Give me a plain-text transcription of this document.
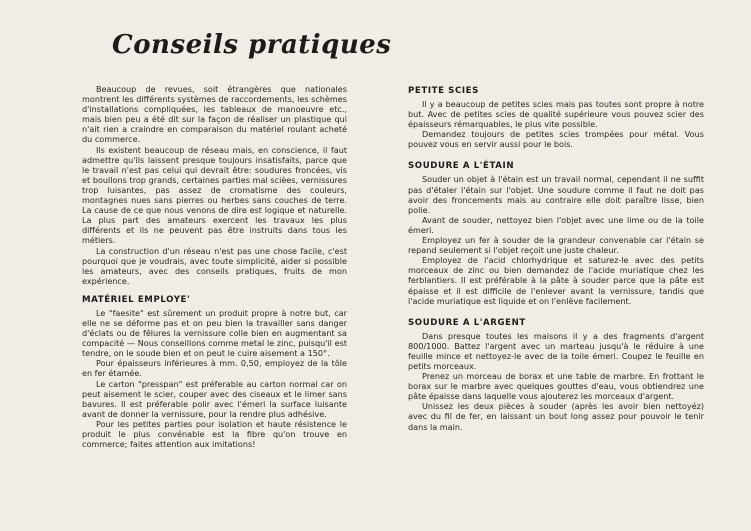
Conseils pratiques

Beaucoup de revues, soit étrangères que nationales montrent les différents systèmes de raccordements, les schèmes d'installations compliquées, les tableaux de manoeuvre etc., mais bien peu a été dit sur la façon de réaliser un plastique qui n'ait rien a craindre en comparaison du matériel roulant acheté du commerce.

Ils existent beaucoup de réseau mais, en conscience, il faut admettre qu'ils laissent presque toujours insatisfaits, parce que le travail n'est pas celui qui devrait être: soudures froncées, vis et boullons trop grands, certaines parties mal scièes, vernissures trop luisantes, pas assez de cromatisme des couleurs, montagnes nues sans pierres ou herbes sans couches de terre. La cause de ce que nous venons de dire est logique et naturelle. La plus part des amateurs exercent les travaux les plus différents et ils ne peuvent pas être instruits dans tous les métiers.

La construction d'un réseau n'est pas une chose facile, c'est pourquoi que je voudrais, avec toute simplicité, aider si possible les amateurs, avec des conseils pratiques, fruits de mon expérience.

MATÉRIEL EMPLOYE'

Le "faesite" est sûrement un produit propre à notre but, car elle ne se déforme pas et on peu bien la travailler sans danger d'éclats ou de fêlures la vernissure colle bien en augmentant sa compacité — Nous conseillons comme metal le zinc, puisqu'il est tendre, on le soude bien et on peut le cuire aisement a 150°.

Pour épaisseurs inférieures à mm. 0,50, employez de la tôle en fer étamée.

Le carton "presspan" est préferable au carton normal car on peut aisement le scier, couper avec des ciseaux et le limer sans bavures. Il est préferable polir avec l'émeri la surface luisante avant de donner la vernissure, pour la rendre plus adhésive.

Pour les petites parties pour isolation et haute résistence le produit le plus convénable est la fibre qu'on trouve en commerce; faites attention aux imitations!

PETITE SCIES

Il y a beaucoup de petites scies mais pas toutes sont propre à notre but. Avec de petites scies de qualité supérieure vous pouvez scier des épaisseurs rémarquables, le plus vite possible.

Demandez toujours de petites scies trompées pour métal. Vous pouvez vous en servir aussi pour le bois.

SOUDURE A L'ÉTAIN

Souder un objet à l'étain est un travail normal, cependant il ne suffit pas d'étaler l'étain sur l'objet. Une soudure comme il faut ne doit pas avoir des froncements mais au contraire elle doit paraître lisse, bien polie.

Avant de souder, nettoyez bien l'objet avec une lime ou de la toile émeri.

Employez un fer à souder de la grandeur convenable car l'étain se repand seulement si l'objet reçoit une juste chaleur.

Employez de l'acid chlorhydrique et saturez-le avec des petits morceaux de zinc ou bien demandez de l'acide muriatique chez les ferblantiers. Il est préférable à la pâte à souder parce que la pâte est épaisse et il est difficile de l'enlever avant la vernissure, tandis que l'acide muriatique est liquide et on l'enlève facilement.

SOUDURE A L'ARGENT

Dans presque toutes les maisons il y a des fragments d'argent 800/1000. Battez l'argent avec un marteau jusqu'à le réduire à une feuille mince et nettoyez-le avec de la toile émeri. Coupez le feuille en petits morceaux.

Prenez un morceau de borax et une table de marbre. En frottant le borax sur le marbre avec quelques gouttes d'eau, vous obtiendrez une pâte épaisse dans laquelle vous ajouterez les morceaux d'argent.

Unissez les deux pièces à souder (après les avoir bien nettoyéz) avec du fil de fer, en laissant un bout long assez pour pouvoir le tenir dans la main.
